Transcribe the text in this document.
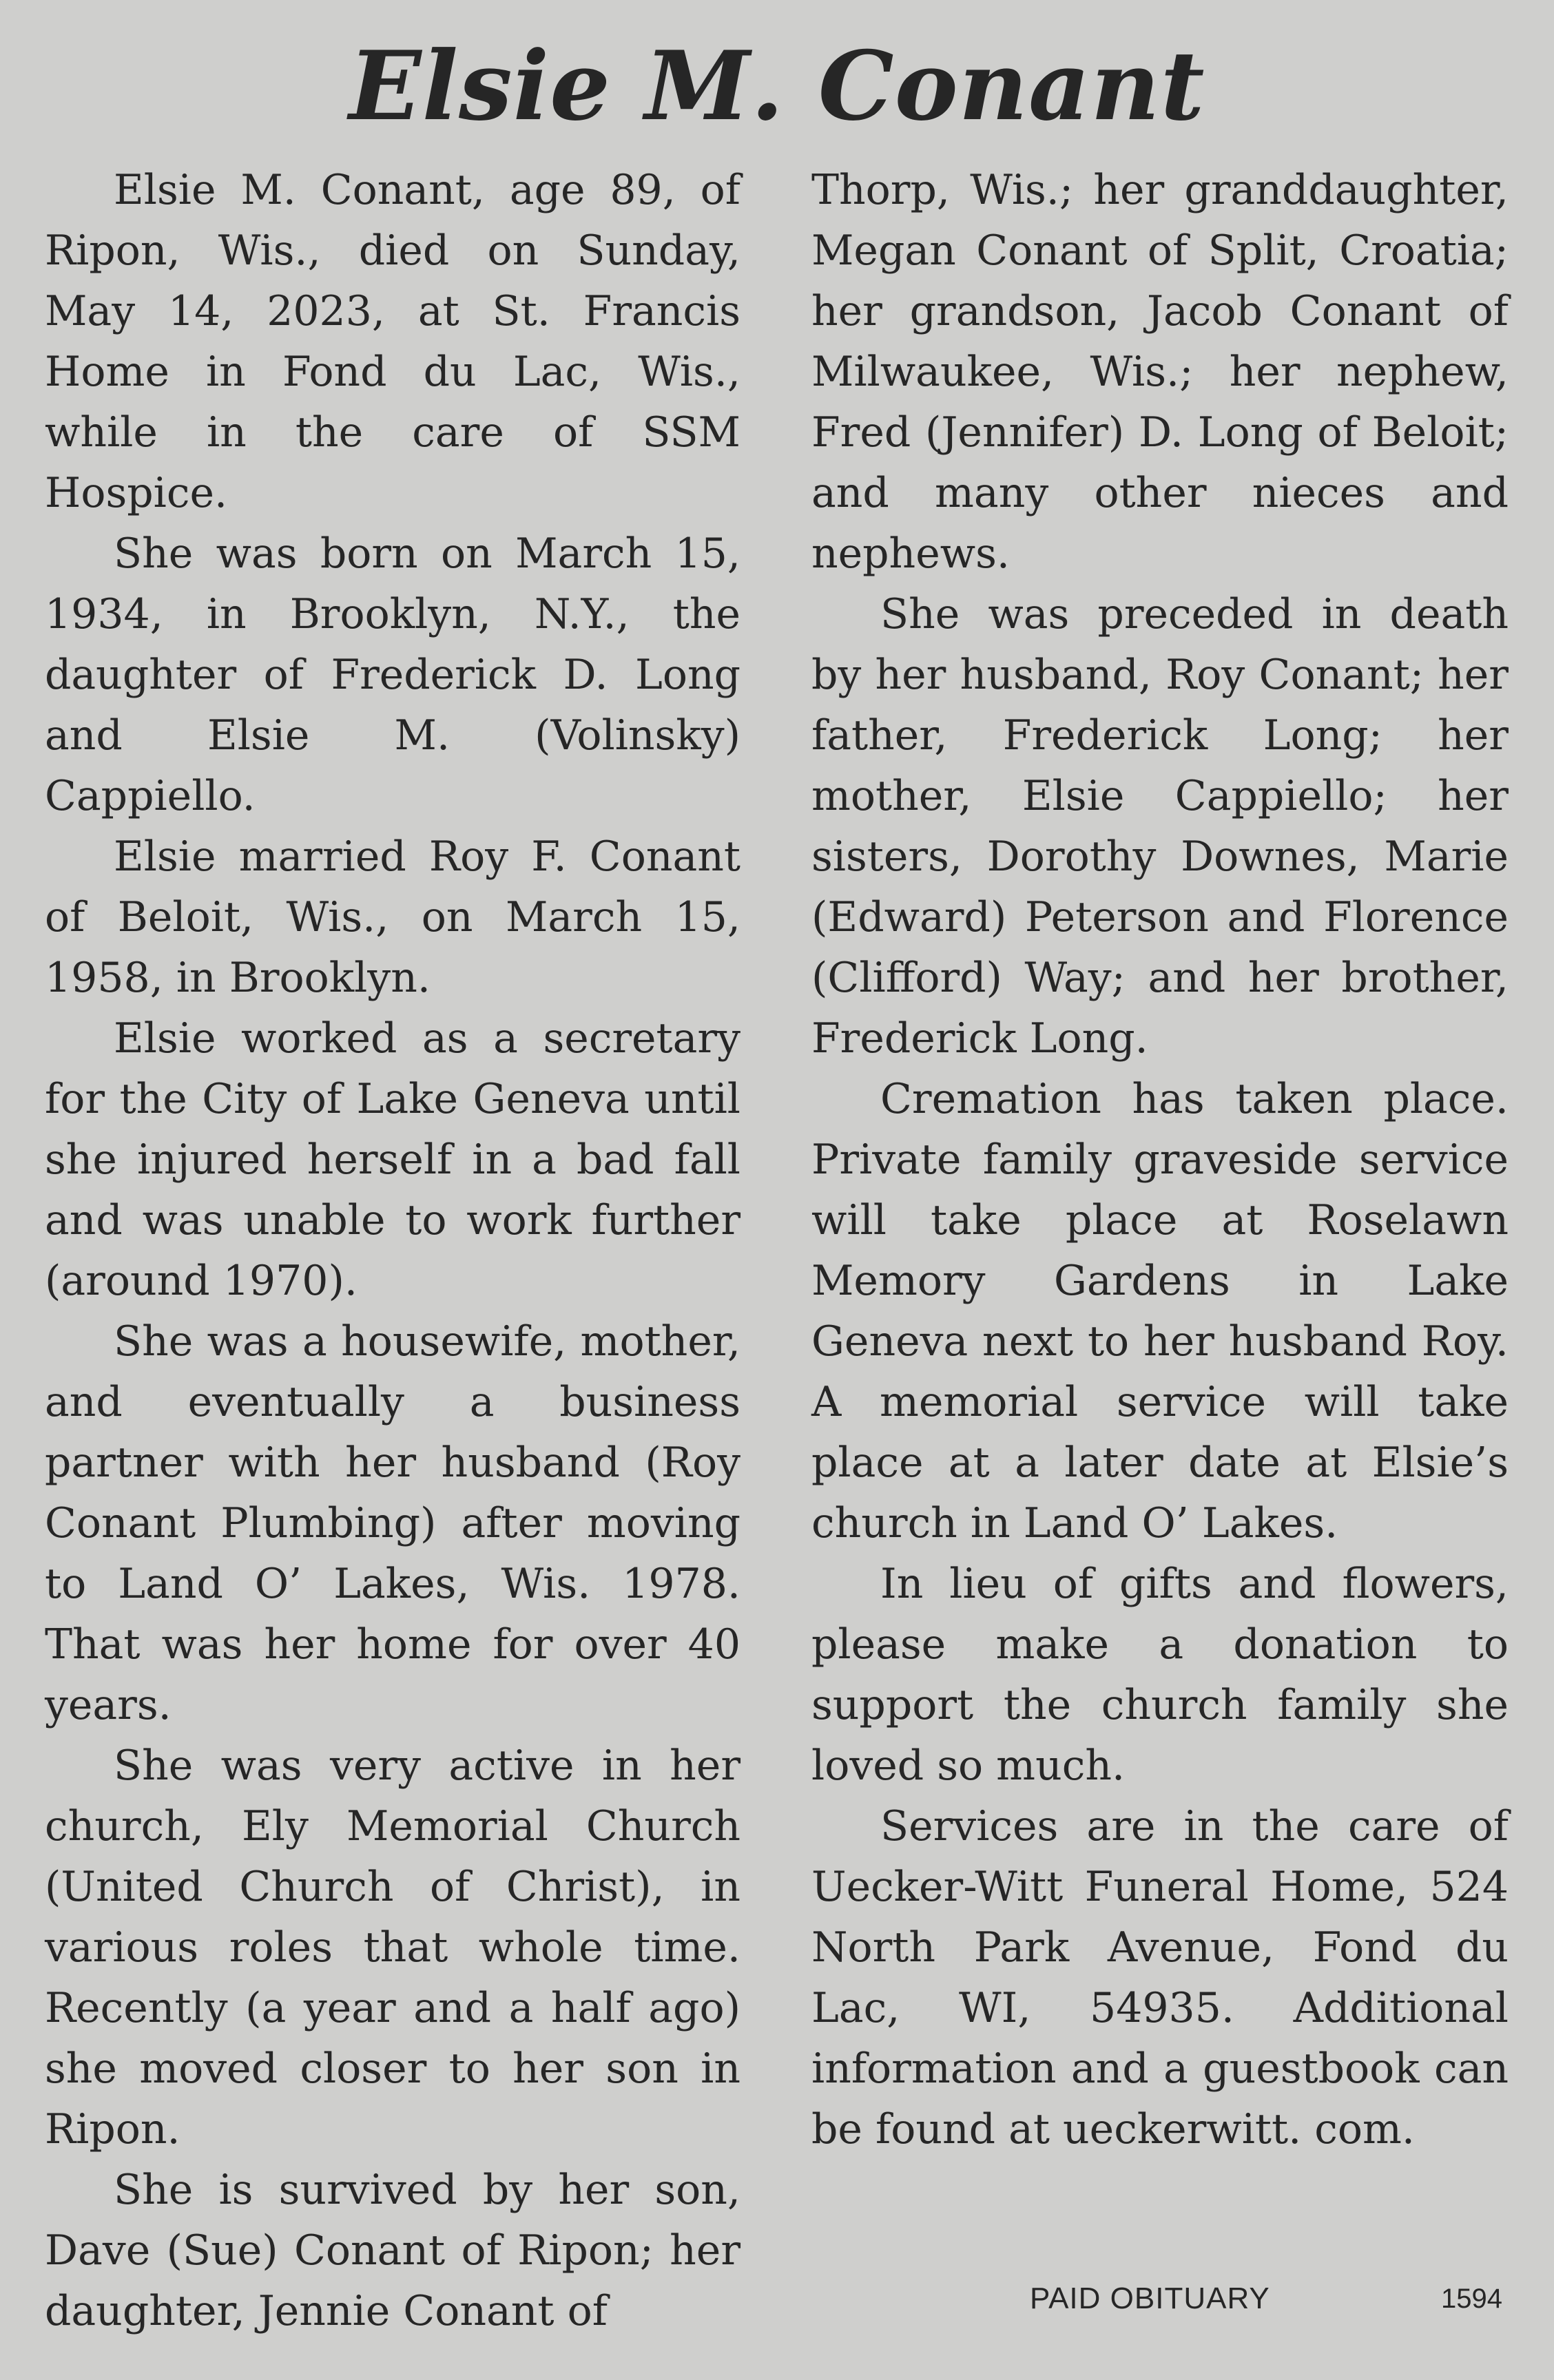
Elsie M. Conant

Elsie M. Conant, age 89, of Ripon, Wis., died on Sunday, May 14, 2023, at St. Francis Home in Fond du Lac, Wis., while in the care of SSM Hospice.

She was born on March 15, 1934, in Brooklyn, N.Y., the daughter of Frederick D. Long and Elsie M. (Volinsky) Cappiello.

Elsie married Roy F. Conant of Beloit, Wis., on March 15, 1958, in Brooklyn.

Elsie worked as a secretary for the City of Lake Geneva until she injured herself in a bad fall and was unable to work further (around 1970).

She was a housewife, mother, and eventually a business partner with her husband (Roy Conant Plumbing) after moving to Land O’ Lakes, Wis. 1978. That was her home for over 40 years.

She was very active in her church, Ely Memorial Church (United Church of Christ), in various roles that whole time. Recently (a year and a half ago) she moved closer to her son in Ripon.

She is survived by her son, Dave (Sue) Conant of Ripon; her daughter, Jennie Conant of

Thorp, Wis.; her granddaughter, Megan Conant of Split, Croatia; her grandson, Jacob Conant of Milwaukee, Wis.; her nephew, Fred (Jennifer) D. Long of Beloit; and many other nieces and nephews.

She was preceded in death by her husband, Roy Conant; her father, Frederick Long; her mother, Elsie Cappiello; her sisters, Dorothy Downes, Marie (Edward) Peterson and Florence (Clifford) Way; and her brother, Frederick Long.

Cremation has taken place. Private family graveside service will take place at Roselawn Memory Gardens in Lake Geneva next to her husband Roy. A memorial service will take place at a later date at Elsie’s church in Land O’ Lakes.

In lieu of gifts and flowers, please make a donation to support the church family she loved so much.

Services are in the care of Uecker-Witt Funeral Home, 524 North Park Avenue, Fond du Lac, WI, 54935. Additional information and a guestbook can be found at ueckerwitt. com.

PAID OBITUARY	1594
